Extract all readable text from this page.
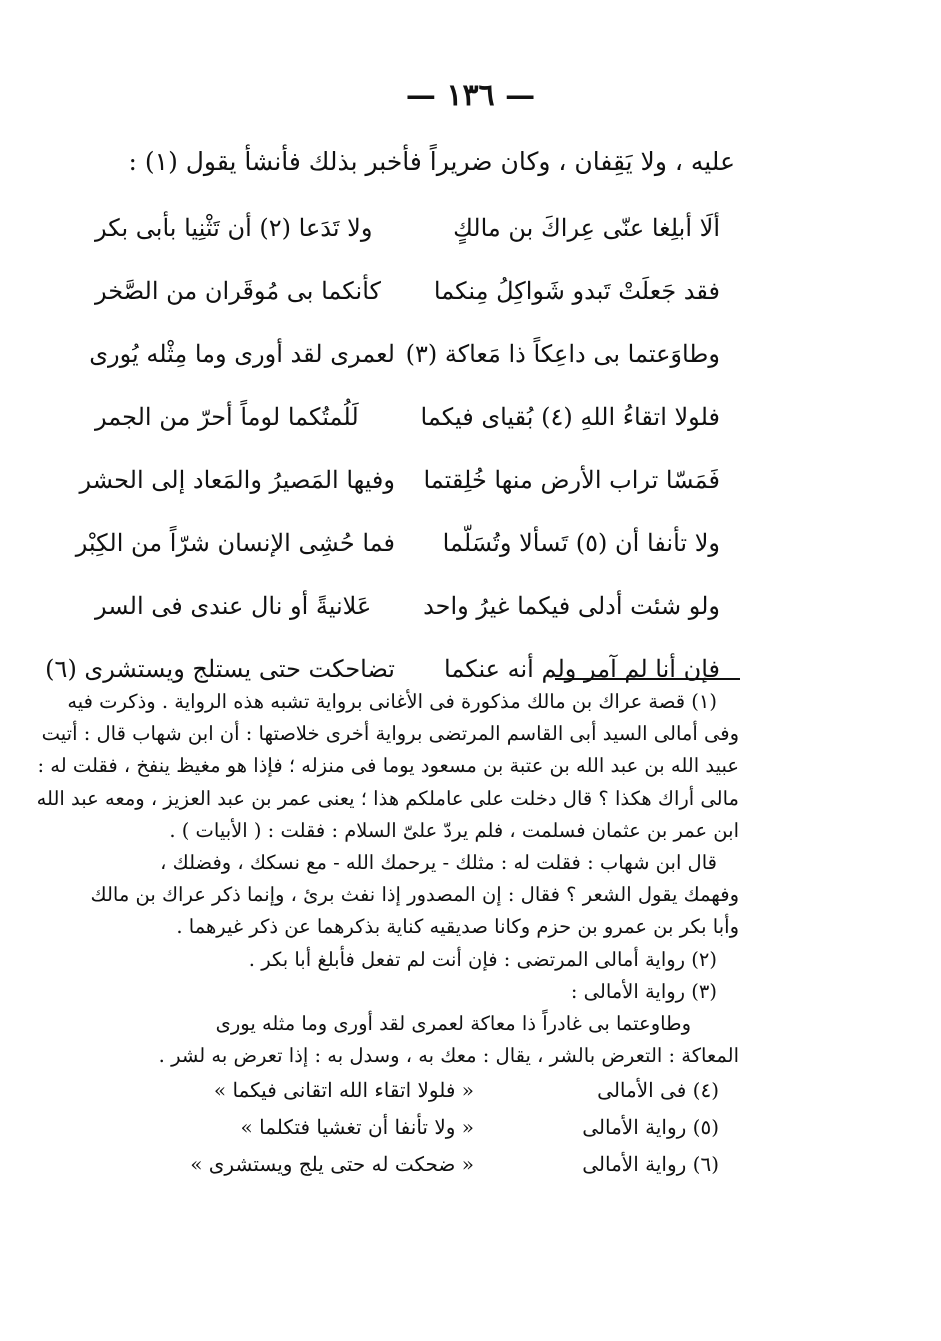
— ١٣٦ —
عليه ، ولا يَقِفان ، وكان ضريراً فأخبر بذلك فأنشأ يقول (١) :
ألَا أبلِغا عنّى عِراكَ بن مالكٍ
ولا تَدَعا (٢) أن تَثْنِيا بأبى بكر
فقد جَعلَتْ تَبدو شَواكِلُ مِنكما
كأنكما بى مُوقَران من الصَّخر
وطاوَعتما بى داعِكاً ذا مَعاكة (٣)
لعمرى لقد أورى وما مِثْله يُورى
فلولا اتقاءُ اللهِ (٤) بُقياى فيكما
لَلُمتُكما لوماً أحرّ من الجمر
فَمَسّا تراب الأرض منها خُلِقتما
وفيها المَصيرُ والمَعاد إلى الحشر
ولا تأنفا أن (٥) تَسألا وتُسَلّما
فما حُشِى الإنسان شرّاً من الكِبْر
ولو شئت أدلى فيكما غيرُ واحد
عَلانيةً أو نال عندى فى السر
فإن أنا لم آمر ولم أنه عنكما
تضاحكت حتى يستلج ويستشرى (٦)
(١) قصة عراك بن مالك مذكورة فى الأغانى برواية تشبه هذه الرواية . وذكرت فيه
وفى أمالى السيد أبى القاسم المرتضى برواية أخرى خلاصتها : أن ابن شهاب قال : أتيت
عبيد الله بن عبد الله بن عتبة بن مسعود يوما فى منزله ؛ فإذا هو مغيظ ينفخ ، فقلت له :
مالى أراك هكذا ؟ قال دخلت على عاملكم هذا ؛ يعنى عمر بن عبد العزيز ، ومعه عبد الله
ابن عمر بن عثمان فسلمت ، فلم يردّ علىّ السلام : فقلت : ( الأبيات ) .
قال ابن شهاب : فقلت له : مثلك - يرحمك الله - مع نسكك ، وفضلك ،
وفهمك يقول الشعر ؟ فقال : إن المصدور إذا نفث برئ ، وإنما ذكر عراك بن مالك
وأبا بكر بن عمرو بن حزم وكانا صديقيه كناية بذكرهما عن ذكر غيرهما .
(٢) رواية أمالى المرتضى : فإن أنت لم تفعل فأبلغ أبا بكر .
(٣) رواية الأمالى :
وطاوعتما بى غادراً ذا معاكة لعمرى لقد أورى وما مثله يورى
المعاكة : التعرض بالشر ، يقال : معك به ، وسدل به : إذا تعرض به لشر .
(٤) فى الأمالى
« فلولا اتقاء الله اتقانى فيكما »
(٥) رواية الأمالى
« ولا تأنفا أن تغشيا فتكلما »
(٦) رواية الأمالى
« ضحكت له حتى يلج ويستشرى »
